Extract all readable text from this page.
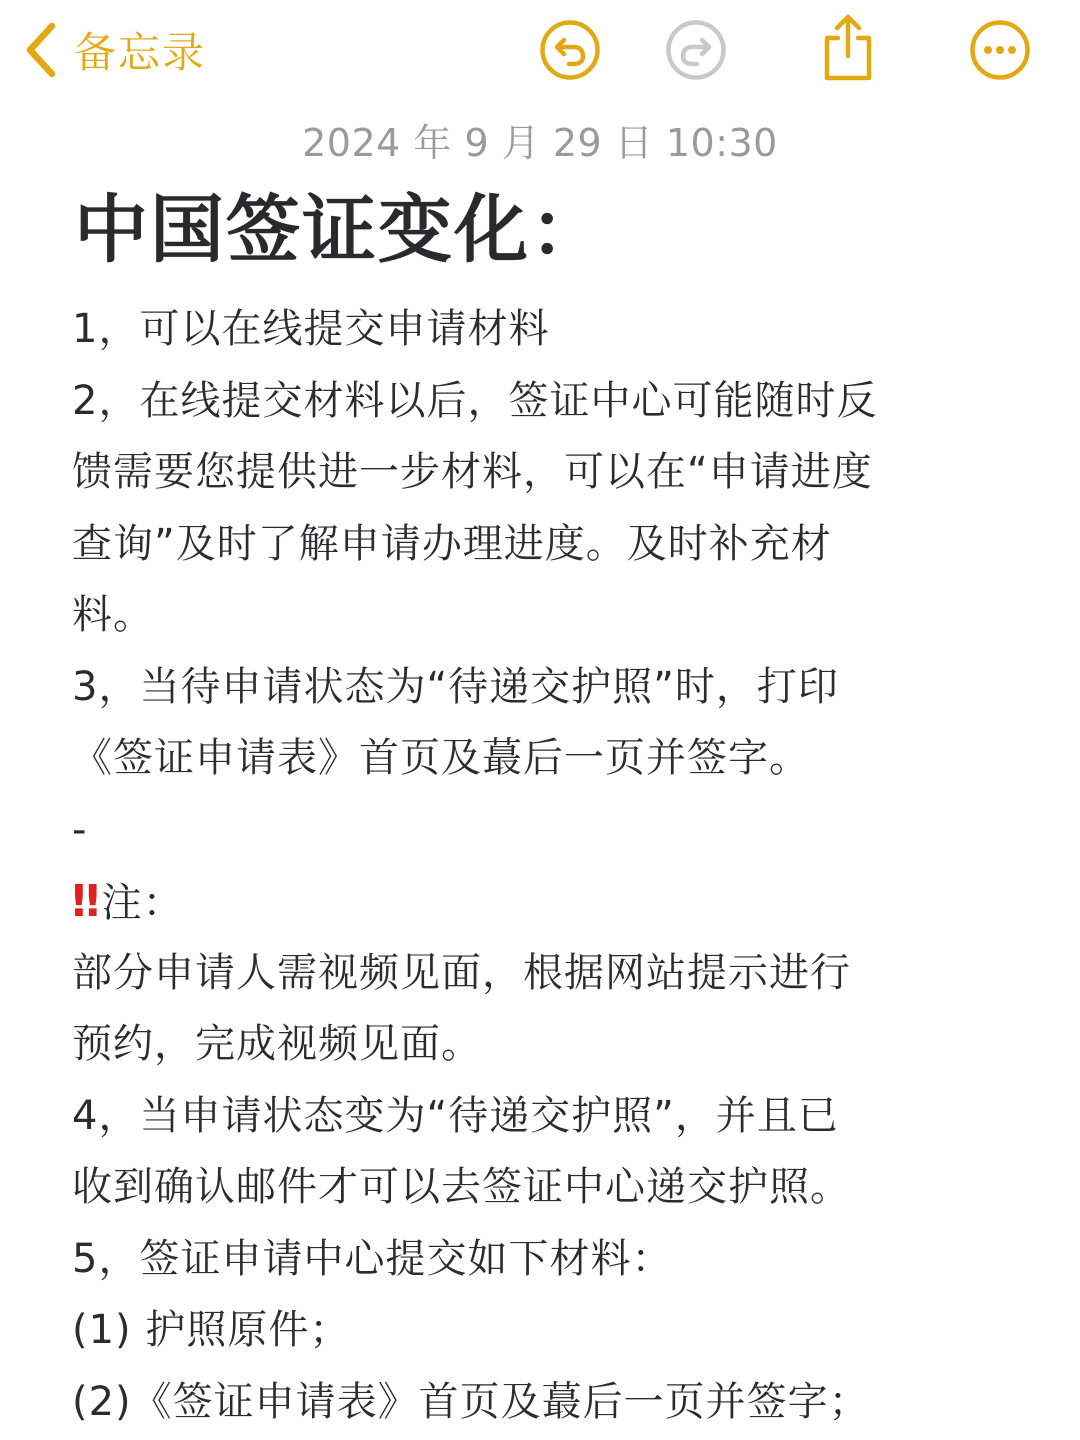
备忘录
2024 年 9 月 29 日 10:30
中国签证变化：
1，可以在线提交申请材料
2，在线提交材料以后，签证中心可能随时反
馈需要您提供进一步材料，可以在“申请进度
查询”及时了解申请办理进度。及时补充材
料。
3，当待申请状态为“待递交护照”时，打印
《签证申请表》首页及蕞后一页并签字。
-
‼ 注：
部分申请人需视频见面，根据网站提示进行
预约，完成视频见面。
4，当申请状态变为“待递交护照”，并且已
收到确认邮件才可以去签证中心递交护照。
5，签证申请中心提交如下材料：
(1) 护照原件；
(2)《签证申请表》首页及蕞后一页并签字；
